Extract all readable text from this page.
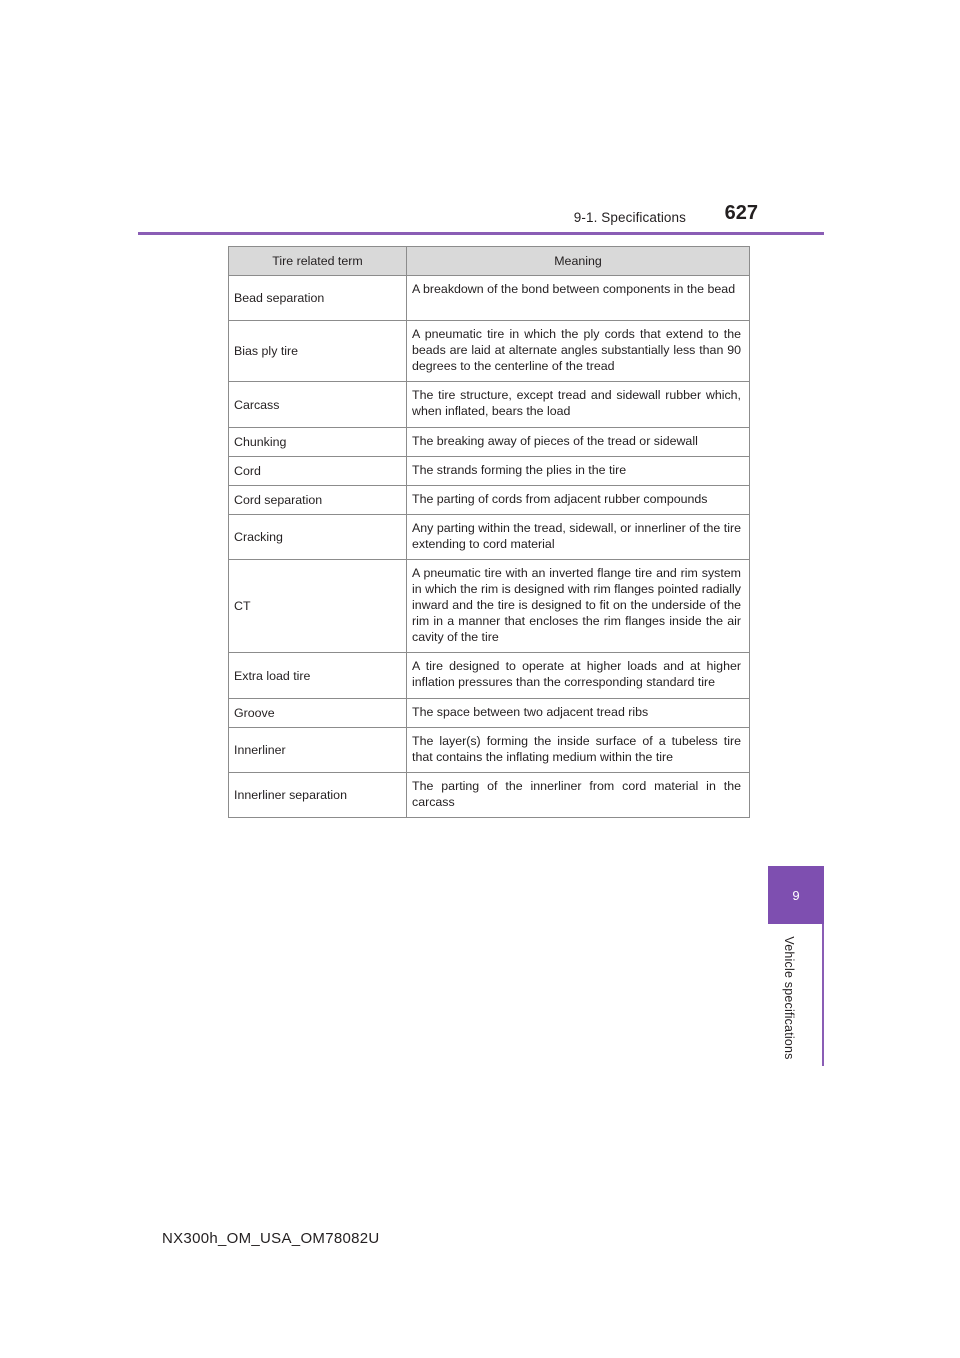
9-1. Specifications 627
9
Vehicle specifications
Tire related term	Meaning
Bead separation	A breakdown of the bond between components in the bead
Bias ply tire	A pneumatic tire in which the ply cords that extend to the beads are laid at alternate angles substantially less than 90 degrees to the centerline of the tread
Carcass	The tire structure, except tread and sidewall rubber which, when inflated, bears the load
Chunking	The breaking away of pieces of the tread or sidewall
Cord	The strands forming the plies in the tire
Cord separation	The parting of cords from adjacent rubber compounds
Cracking	Any parting within the tread, sidewall, or innerliner of the tire extending to cord material
CT	A pneumatic tire with an inverted flange tire and rim system in which the rim is designed with rim flanges pointed radially inward and the tire is designed to fit on the underside of the rim in a manner that encloses the rim flanges inside the air cavity of the tire
Extra load tire	A tire designed to operate at higher loads and at higher inflation pressures than the corresponding standard tire
Groove	The space between two adjacent tread ribs
Innerliner	The layer(s) forming the inside surface of a tubeless tire that contains the inflating medium within the tire
Innerliner separation	The parting of the innerliner from cord material in the carcass
NX300h_OM_USA_OM78082U
